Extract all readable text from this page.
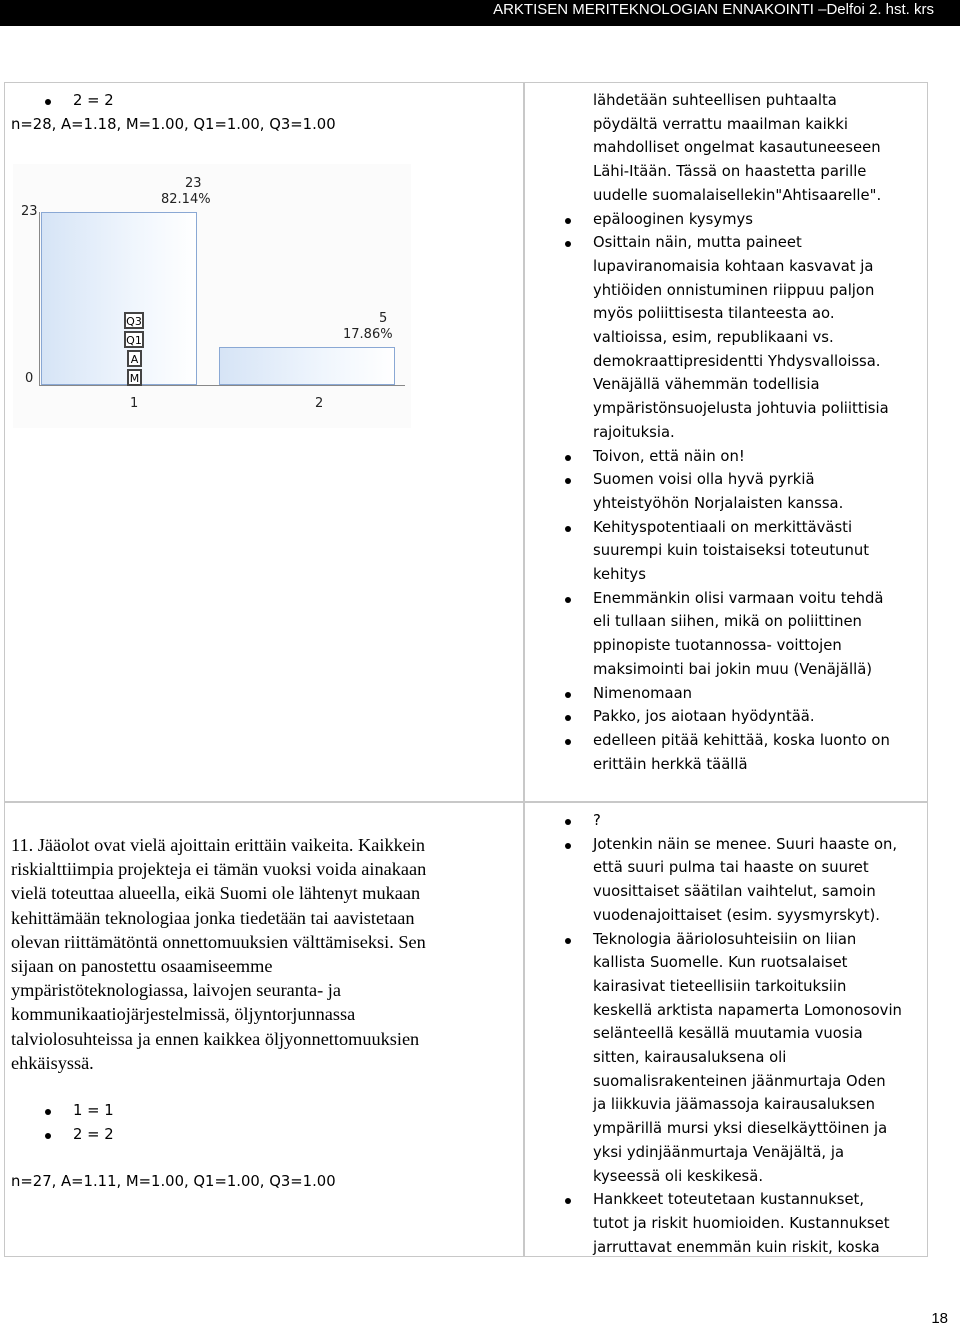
ARKTISEN MERITEKNOLOGIAN ENNAKOINTI –Delfoi 2. hst. krs
2 = 2
n=28, A=1.18, M=1.00, Q1=1.00, Q3=1.00
23
0
23
82.14%
5
17.86%
Q3
Q1
A
M
1	2
lähdetään suhteellisen puhtaalta
pöydältä verrattu maailman kaikki
mahdolliset ongelmat kasautuneeseen
Lähi-Itään. Tässä on haastetta parille
uudelle suomalaisellekin"Ahtisaarelle".
epälooginen kysymys
Osittain näin, mutta paineet
lupaviranomaisia kohtaan kasvavat ja
yhtiöiden onnistuminen riippuu paljon
myös poliittisesta tilanteesta ao.
valtioissa, esim, republikaani vs.
demokraattipresidentti Yhdysvalloissa.
Venäjällä vähemmän todellisia
ympäristönsuojelusta johtuvia poliittisia
rajoituksia.
Toivon, että näin on!
Suomen voisi olla hyvä pyrkiä
yhteistyöhön Norjalaisten kanssa.
Kehityspotentiaali on merkittävästi
suurempi kuin toistaiseksi toteutunut
kehitys
Enemmänkin olisi varmaan voitu tehdä
eli tullaan siihen, mikä on poliittinen
ppinopiste tuotannossa- voittojen
maksimointi bai jokin muu (Venäjällä)
Nimenomaan
Pakko, jos aiotaan hyödyntää.
edelleen pitää kehittää, koska luonto on
erittäin herkkä täällä
11. Jääolot ovat vielä ajoittain erittäin vaikeita. Kaikkein
riskialttiimpia projekteja ei tämän vuoksi voida ainakaan
vielä toteuttaa alueella, eikä Suomi ole lähtenyt mukaan
kehittämään teknologiaa jonka tiedetään tai aavistetaan
olevan riittämätöntä onnettomuuksien välttämiseksi. Sen
sijaan on panostettu osaamiseemme
ympäristöteknologiassa, laivojen seuranta- ja
kommunikaatiojärjestelmissä, öljyntorjunnassa
talviolosuhteissa ja ennen kaikkea öljyonnettomuuksien
ehkäisyssä.
1 = 1
2 = 2
n=27, A=1.11, M=1.00, Q1=1.00, Q3=1.00
?
Jotenkin näin se menee. Suuri haaste on,
että suuri pulma tai haaste on suuret
vuosittaiset säätilan vaihtelut, samoin
vuodenajoittaiset (esim. syysmyrskyt).
Teknologia äärioIosuhteisiin on liian
kallista Suomelle. Kun ruotsalaiset
kairasivat tieteellisiin tarkoituksiin
keskellä arktista napamerta Lomonosovin
selänteellä kesällä muutamia vuosia
sitten, kairausaluksena oli
suomalisrakenteinen jäänmurtaja Oden
ja liikkuvia jäämassoja kairausaluksen
ympärillä mursi yksi dieselkäyttöinen ja
yksi ydinjäänmurtaja Venäjältä, ja
kyseessä oli keskikesä.
Hankkeet toteutetaan kustannukset,
tutot ja riskit huomioiden. Kustannukset
jarruttavat enemmän kuin riskit, koska
18
